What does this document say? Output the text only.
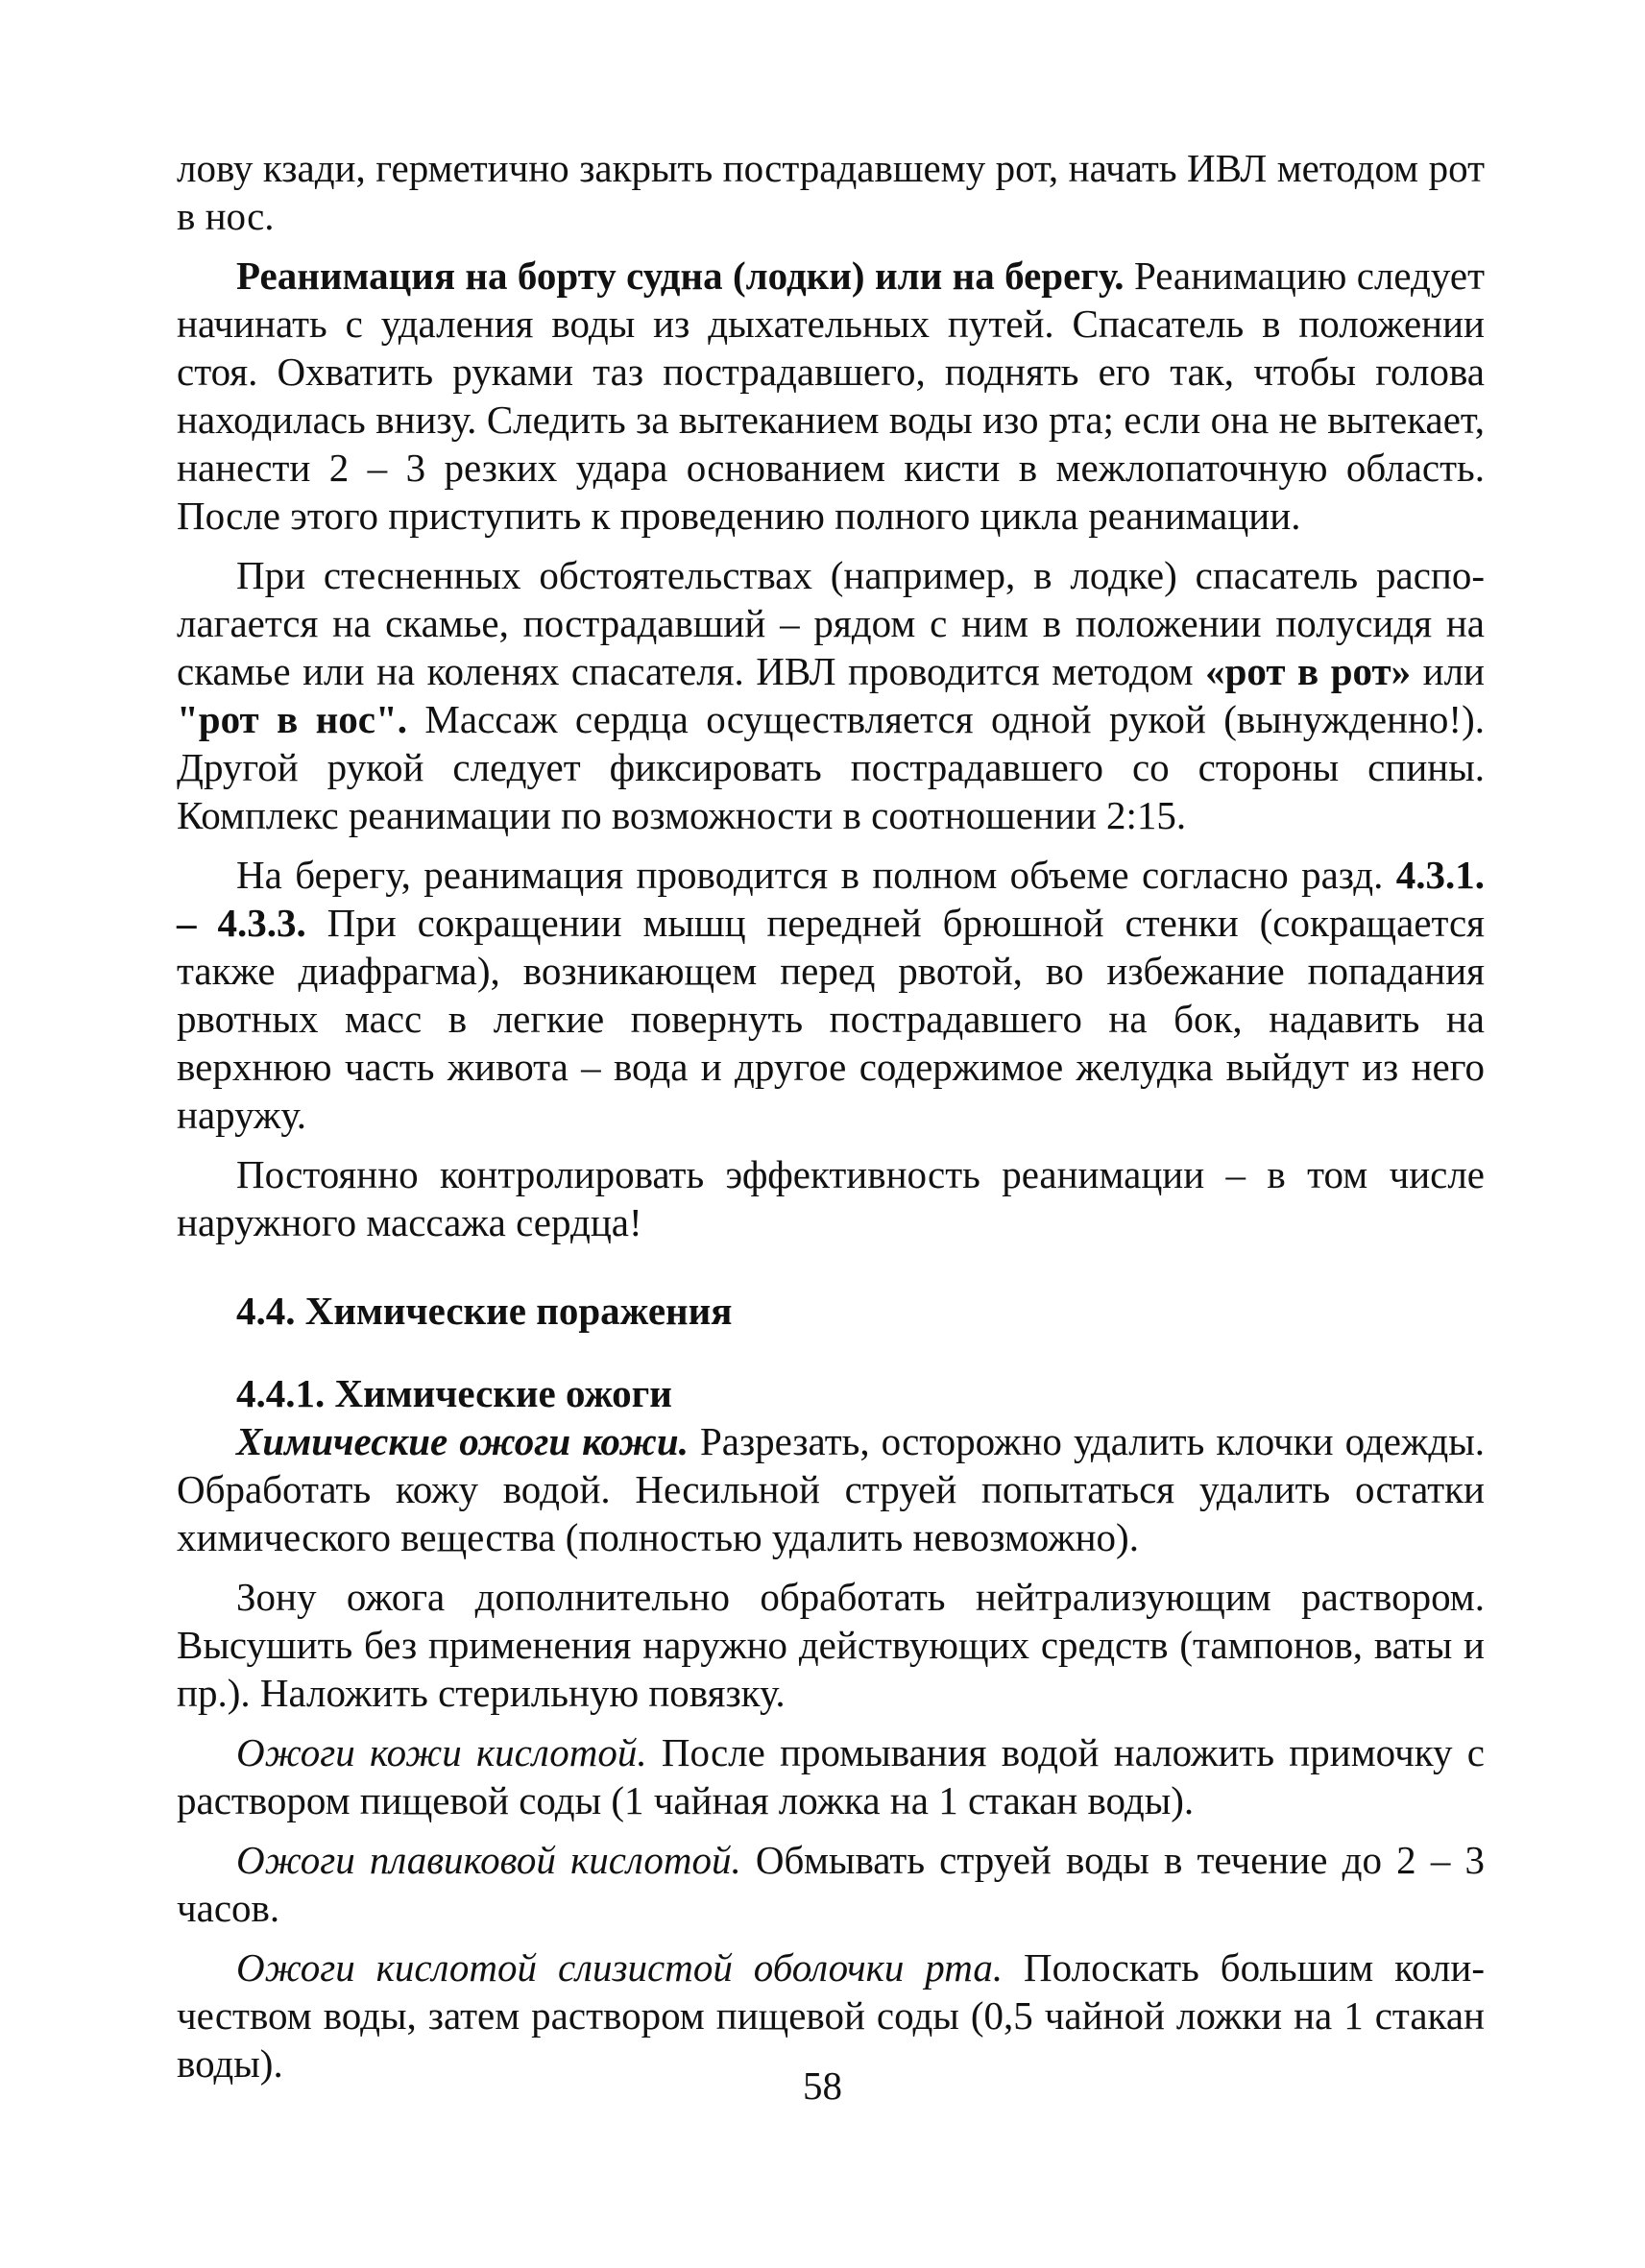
лову кзади, герметично закрыть пострадавшему рот, начать ИВЛ методом рот в нос.

Реанимация на борту судна (лодки) или на берегу. Реанимацию следует начинать с удаления воды из дыхательных путей. Спасатель в положении стоя. Охватить руками таз пострадавшего, поднять его так, чтобы голова находилась внизу. Следить за вытеканием воды изо рта; если она не вытекает, нанести 2 – 3 резких удара основанием кисти в межлопаточную область. После этого приступить к проведению полного цикла реанимации.

При стесненных обстоятельствах (например, в лодке) спасатель располагается на скамье, пострадавший – рядом с ним в положении полусидя на скамье или на коленях спасателя. ИВЛ проводится методом «рот в рот» или "рот в нос". Массаж сердца осуществляется одной рукой (вынужденно!). Другой рукой следует фиксировать пострадавшего со стороны спины. Комплекс реанимации по возможности в соотношении 2:15.

На берегу, реанимация проводится в полном объеме согласно разд. 4.3.1. – 4.3.3. При сокращении мышц передней брюшной стенки (сокращается также диафрагма), возникающем перед рвотой, во избежание попадания рвотных масс в легкие повернуть пострадавшего на бок, надавить на верхнюю часть живота – вода и другое содержимое желудка выйдут из него наружу.

Постоянно контролировать эффективность реанимации – в том числе наружного массажа сердца!

4.4. Химические поражения

4.4.1. Химические ожоги

Химические ожоги кожи. Разрезать, осторожно удалить клочки одежды. Обработать кожу водой. Несильной струей попытаться удалить остатки химического вещества (полностью удалить невозможно).

Зону ожога дополнительно обработать нейтрализующим раствором. Высушить без применения наружно действующих средств (тампонов, ваты и пр.). Наложить стерильную повязку.

Ожоги кожи кислотой. После промывания водой наложить примочку с раствором пищевой соды (1 чайная ложка на 1 стакан воды).

Ожоги плавиковой кислотой. Обмывать струей воды в течение до 2 – 3 часов.

Ожоги кислотой слизистой оболочки рта. Полоскать большим количеством воды, затем раствором пищевой соды (0,5 чайной ложки на 1 стакан воды).	58
